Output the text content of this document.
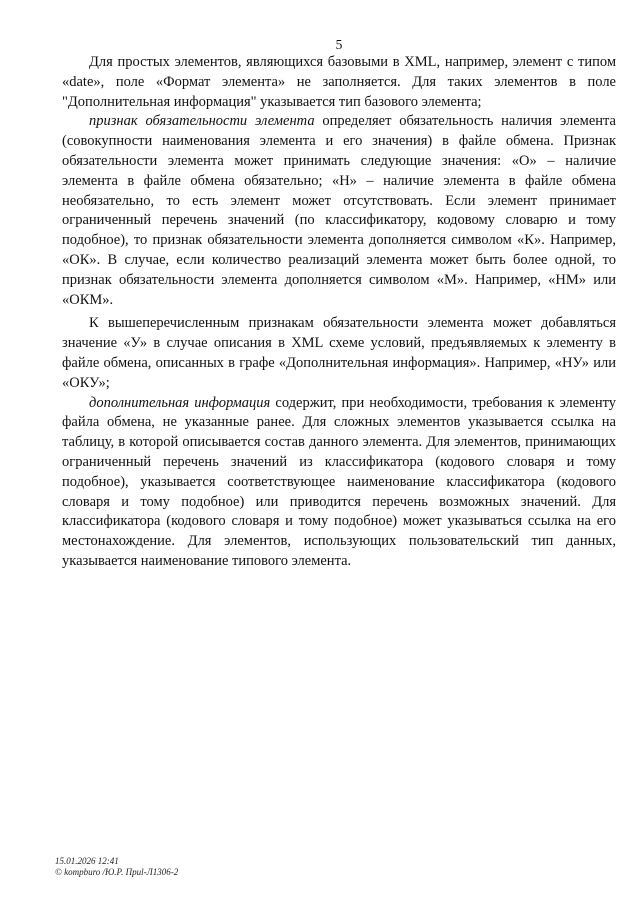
5

Для простых элементов, являющихся базовыми в XML, например, элемент с типом «date», поле «Формат элемента» не заполняется. Для таких элементов в поле "Дополнительная информация" указывается тип базового элемента;

признак обязательности элемента определяет обязательность наличия элемента (совокупности наименования элемента и его значения) в файле обмена. Признак обязательности элемента может принимать следующие значения: «О» – наличие элемента в файле обмена обязательно; «Н» – наличие элемента в файле обмена необязательно, то есть элемент может отсутствовать. Если элемент принимает ограниченный перечень значений (по классификатору, кодовому словарю и тому подобное), то признак обязательности элемента дополняется символом «К». Например, «ОК». В случае, если количество реализаций элемента может быть более одной, то признак обязательности элемента дополняется символом «М». Например, «НМ» или «ОКМ».

К вышеперечисленным признакам обязательности элемента может добавляться значение «У» в случае описания в XML схеме условий, предъявляемых к элементу в файле обмена, описанных в графе «Дополнительная информация». Например, «НУ» или «ОКУ»;

дополнительная информация содержит, при необходимости, требования к элементу файла обмена, не указанные ранее. Для сложных элементов указывается ссылка на таблицу, в которой описывается состав данного элемента. Для элементов, принимающих ограниченный перечень значений из классификатора (кодового словаря и тому подобное), указывается соответствующее наименование классификатора (кодового словаря и тому подобное) или приводится перечень возможных значений. Для классификатора (кодового словаря и тому подобное) может указываться ссылка на его местонахождение. Для элементов, использующих пользовательский тип данных, указывается наименование типового элемента.

15.01.2026 12:41
© kompburo /Ю.Р. Приl-Л1306-2
